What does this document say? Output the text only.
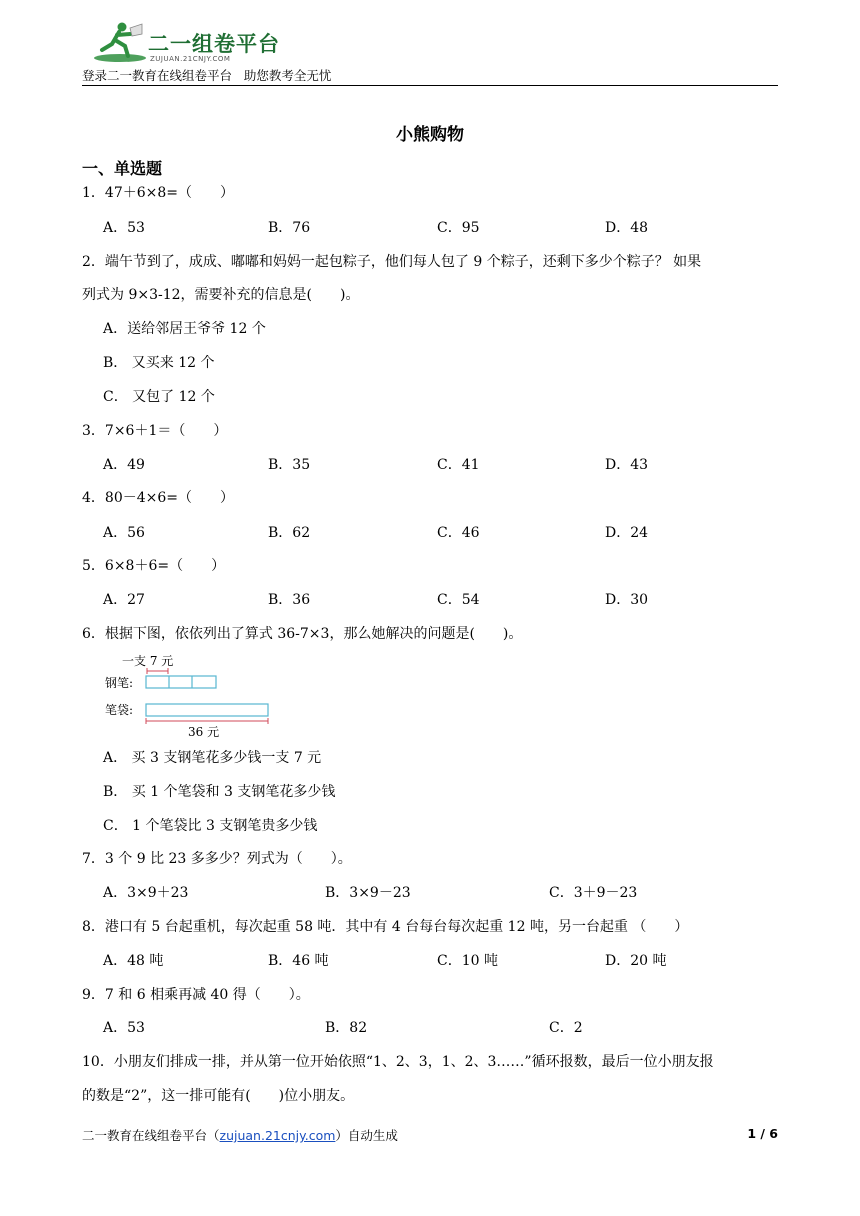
二一组卷平台
ZUJUAN.21CNJY.COM
登录二一教育在线组卷平台   助您教考全无忧
小熊购物
一、单选题
1．47＋6×8=（　　）
A．53	B．76	C．95	D．48
2．端午节到了，成成、嘟嘟和妈妈一起包粽子，他们每人包了 9 个粽子，还剩下多少个粽子？ 如果
列式为 9×3-12，需要补充的信息是(　　)。
A．送给邻居王爷爷 12 个
B． 又买来 12 个
C． 又包了 12 个
3．7×6＋1＝（　　）
A．49	B．35	C．41	D．43
4．80－4×6=（　　）
A．56	B．62	C．46	D．24
5．6×8＋6=（　　）
A．27	B．36	C．54	D．30
6．根据下图，依依列出了算式 36-7×3，那么她解决的问题是(　　)。
一支 7 元
钢笔:
笔袋:
36 元
A． 买 3 支钢笔花多少钱一支 7 元
B． 买 1 个笔袋和 3 支钢笔花多少钱
C． 1 个笔袋比 3 支钢笔贵多少钱
7．3 个 9 比 23 多多少？列式为（　　）。
A．3×9＋23	B．3×9－23	C．3＋9－23
8．港口有 5 台起重机，每次起重 58 吨．其中有 4 台每台每次起重 12 吨，另一台起重 （　　）
A．48 吨	B．46 吨	C．10 吨	D．20 吨
9．7 和 6 相乘再减 40 得（　　）。
A．53	B．82	C．2
10．小朋友们排成一排，并从第一位开始依照“1、2、3，1、2、3……”循环报数，最后一位小朋友报
的数是“2”，这一排可能有(　　)位小朋友。
二一教育在线组卷平台（zujuan.21cnjy.com）自动生成	1 / 6
